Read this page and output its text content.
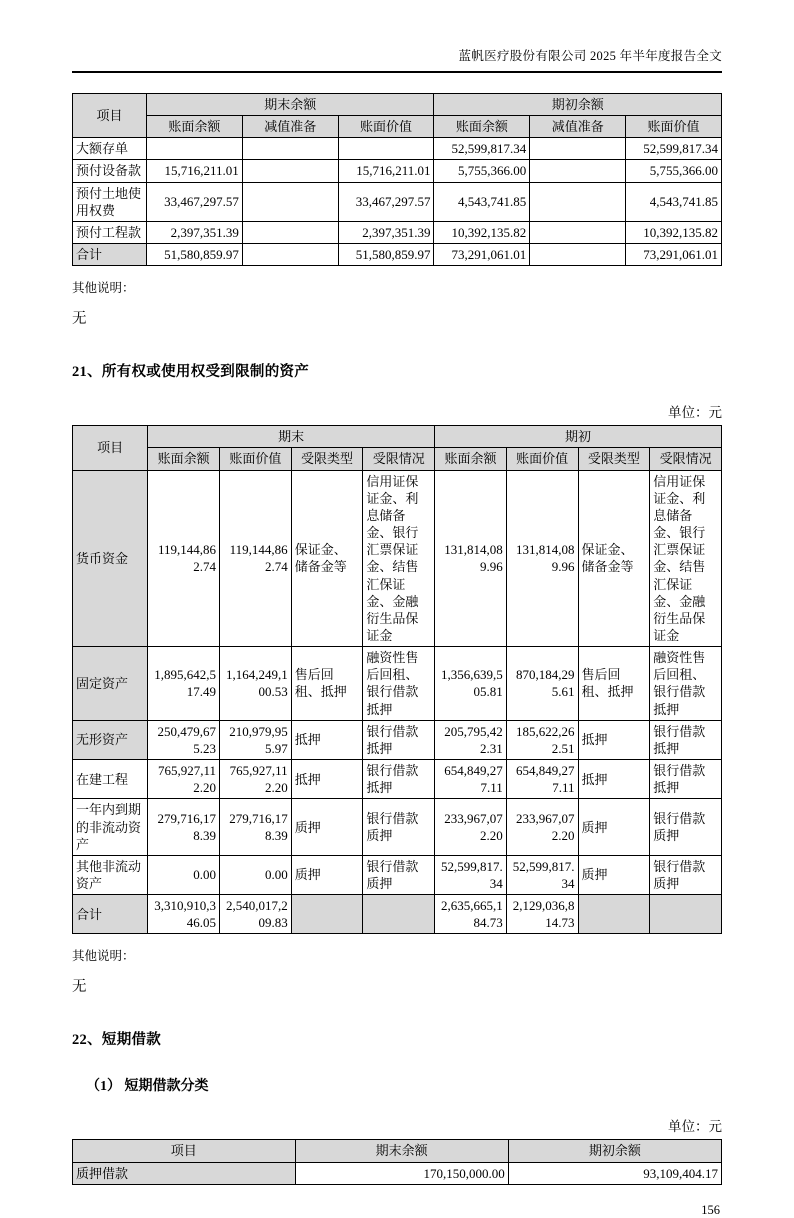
蓝帆医疗股份有限公司 2025 年半年度报告全文
项目	期末余额			期初余额		
	账面余额	减值准备	账面价值	账面余额	减值准备	账面价值
大额存单				52,599,817.34		52,599,817.34
预付设备款	15,716,211.01		15,716,211.01	5,755,366.00		5,755,366.00
预付土地使用权费	33,467,297.57		33,467,297.57	4,543,741.85		4,543,741.85
预付工程款	2,397,351.39		2,397,351.39	10,392,135.82		10,392,135.82
合计	51,580,859.97		51,580,859.97	73,291,061.01		73,291,061.01
其他说明：
无
21、所有权或使用权受到限制的资产
单位：元
项目	期末				期初			
	账面余额	账面价值	受限类型	受限情况	账面余额	账面价值	受限类型	受限情况
货币资金	119,144,862.74	119,144,862.74	保证金、储备金等	信用证保证金、利息储备金、银行汇票保证金、结售汇保证金、金融衍生品保证金	131,814,089.96	131,814,089.96	保证金、储备金等	信用证保证金、利息储备金、银行汇票保证金、结售汇保证金、金融衍生品保证金
固定资产	1,895,642,517.49	1,164,249,100.53	售后回租、抵押	融资性售后回租、银行借款抵押	1,356,639,505.81	870,184,295.61	售后回租、抵押	融资性售后回租、银行借款抵押
无形资产	250,479,675.23	210,979,955.97	抵押	银行借款抵押	205,795,422.31	185,622,262.51	抵押	银行借款抵押
在建工程	765,927,112.20	765,927,112.20	抵押	银行借款抵押	654,849,277.11	654,849,277.11	抵押	银行借款抵押
一年内到期的非流动资产	279,716,178.39	279,716,178.39	质押	银行借款质押	233,967,072.20	233,967,072.20	质押	银行借款质押
其他非流动资产	0.00	0.00	质押	银行借款质押	52,599,817.34	52,599,817.34	质押	银行借款质押
合计	3,310,910,346.05	2,540,017,209.83			2,635,665,184.73	2,129,036,814.73		
其他说明：
无
22、短期借款
（1） 短期借款分类
单位：元
项目	期末余额	期初余额
质押借款	170,150,000.00	93,109,404.17
156
